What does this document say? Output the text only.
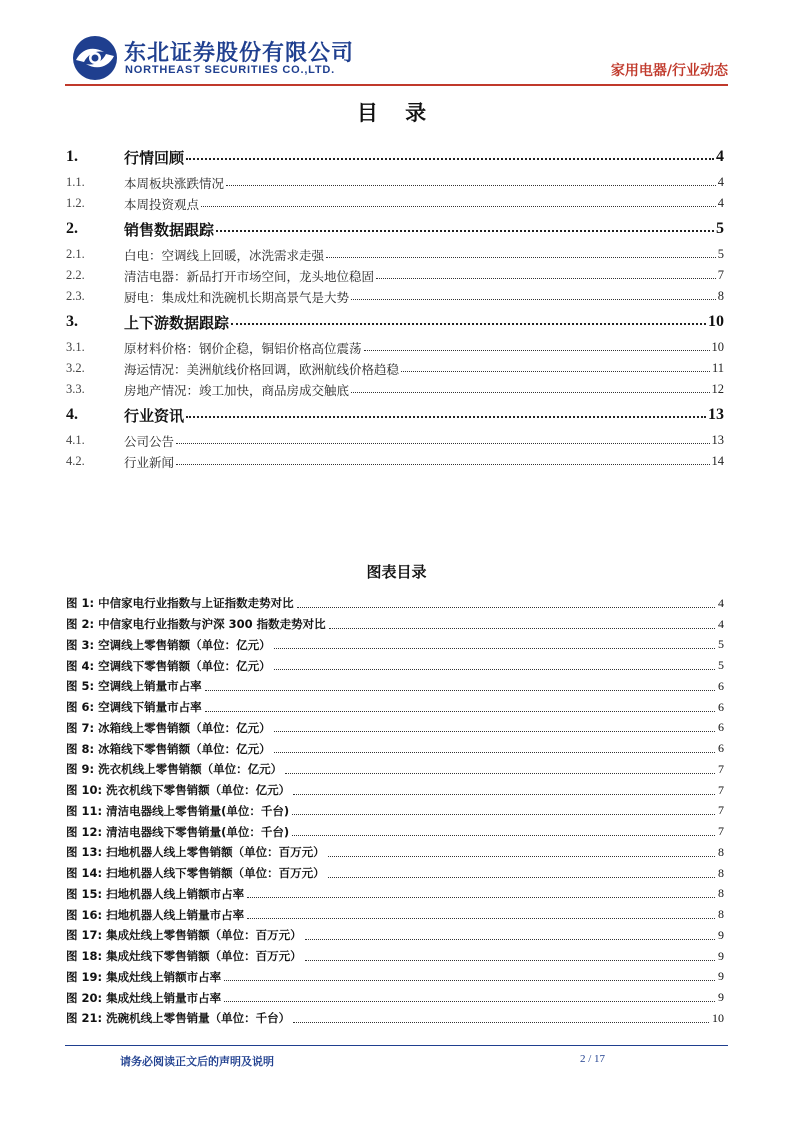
东北证券股份有限公司
NORTHEAST SECURITIES CO.,LTD.	家用电器/行业动态
目 录
1.	行情回顾	4
1.1.	本周板块涨跌情况	4
1.2.	本周投资观点	4
2.	销售数据跟踪	5
2.1.	白电：空调线上回暖，冰洗需求走强	5
2.2.	清洁电器：新品打开市场空间，龙头地位稳固	7
2.3.	厨电：集成灶和洗碗机长期高景气是大势	8
3.	上下游数据跟踪	10
3.1.	原材料价格：钢价企稳，铜铝价格高位震荡	10
3.2.	海运情况：美洲航线价格回调，欧洲航线价格趋稳	11
3.3.	房地产情况：竣工加快，商品房成交触底	12
4.	行业资讯	13
4.1.	公司公告	13
4.2.	行业新闻	14
图表目录
图 1: 中信家电行业指数与上证指数走势对比	4
图 2: 中信家电行业指数与沪深 300 指数走势对比	4
图 3: 空调线上零售销额（单位：亿元）	5
图 4: 空调线下零售销额（单位：亿元）	5
图 5: 空调线上销量市占率	6
图 6: 空调线下销量市占率	6
图 7: 冰箱线上零售销额（单位：亿元）	6
图 8: 冰箱线下零售销额（单位：亿元）	6
图 9: 洗衣机线上零售销额（单位：亿元）	7
图 10: 洗衣机线下零售销额（单位：亿元）	7
图 11: 清洁电器线上零售销量(单位：千台)	7
图 12: 清洁电器线下零售销量(单位：千台)	7
图 13: 扫地机器人线上零售销额（单位：百万元）	8
图 14: 扫地机器人线下零售销额（单位：百万元）	8
图 15: 扫地机器人线上销额市占率	8
图 16: 扫地机器人线上销量市占率	8
图 17: 集成灶线上零售销额（单位：百万元）	9
图 18: 集成灶线下零售销额（单位：百万元）	9
图 19: 集成灶线上销额市占率	9
图 20: 集成灶线上销量市占率	9
图 21: 洗碗机线上零售销量（单位：千台）	10
请务必阅读正文后的声明及说明	2 / 17
